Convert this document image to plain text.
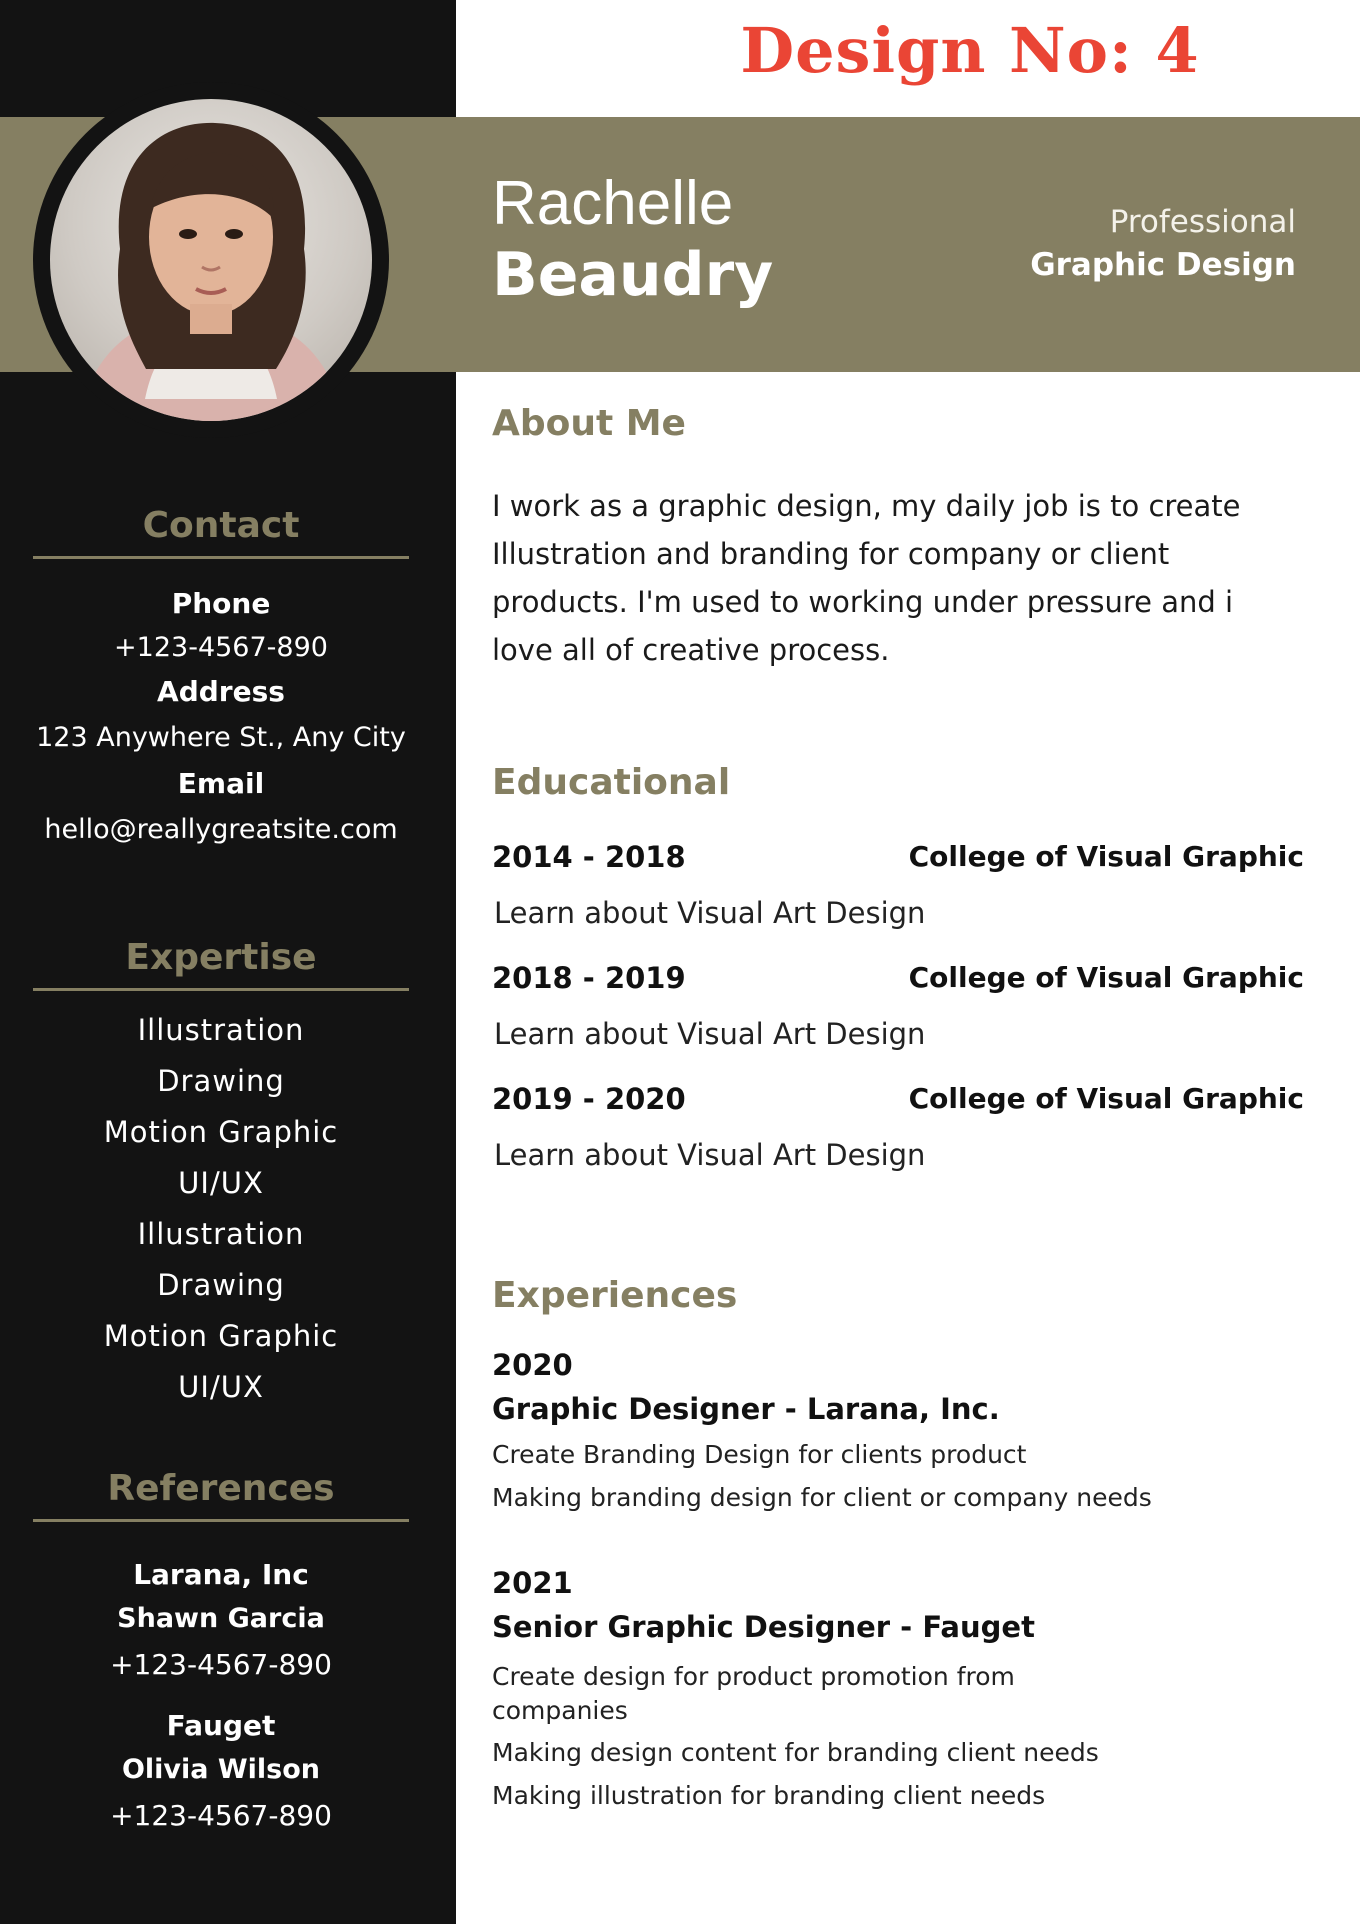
Design No: 4
Rachelle
Beaudry
Professional
Graphic Design
Contact
Phone
+123-4567-890
Address
123 Anywhere St., Any City
Email
hello@reallygreatsite.com
Expertise
Illustration
Drawing
Motion Graphic
UI/UX
Illustration
Drawing
Motion Graphic
UI/UX
References
Larana, Inc
Shawn Garcia
+123-4567-890
Fauget
Olivia Wilson
+123-4567-890
About Me
I work as a graphic design, my daily job is to create Illustration and branding for company or client products. I'm used to working under pressure and i love all of creative process.
Educational
2014 - 2018	College of Visual Graphic
Learn about Visual Art Design
2018 - 2019	College of Visual Graphic
Learn about Visual Art Design
2019 - 2020	College of Visual Graphic
Learn about Visual Art Design
Experiences
2020
Graphic Designer - Larana, Inc.
Create Branding Design for clients product
Making branding design for client or company needs
2021
Senior Graphic Designer - Fauget
Create design for product promotion from companies
Making design content for branding client needs
Making illustration for branding client needs
